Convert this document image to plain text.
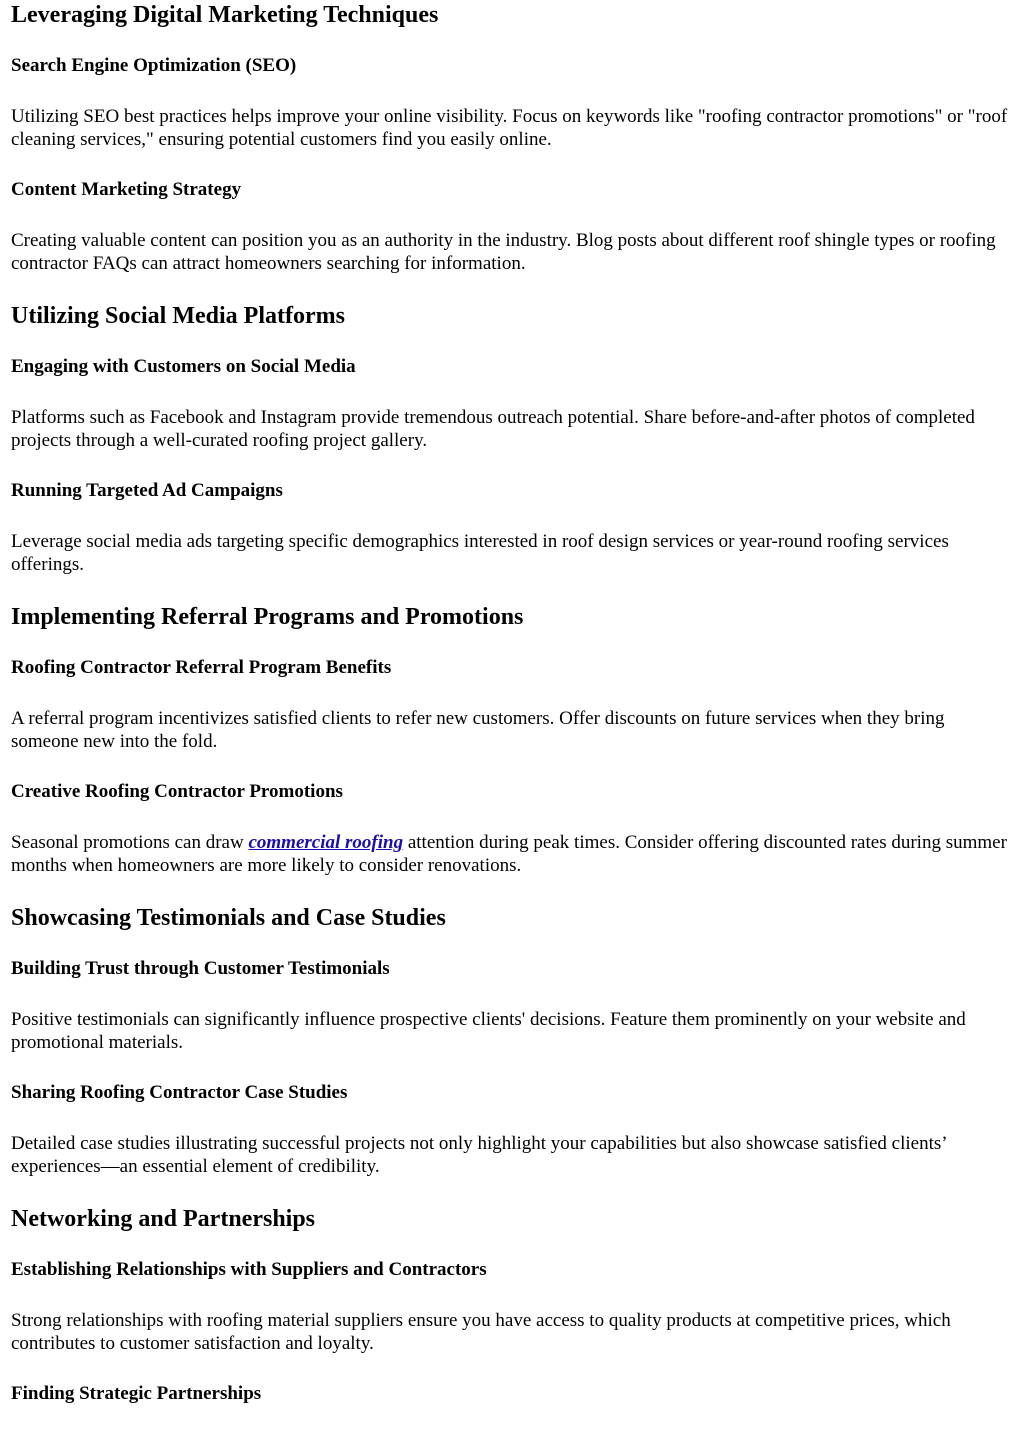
Leveraging Digital Marketing Techniques
Search Engine Optimization (SEO)

Utilizing SEO best practices helps improve your online visibility. Focus on keywords like "roofing contractor promotions" or "roof cleaning services," ensuring potential customers find you easily online.

Content Marketing Strategy

Creating valuable content can position you as an authority in the industry. Blog posts about different roof shingle types or roofing contractor FAQs can attract homeowners searching for information.

Utilizing Social Media Platforms
Engaging with Customers on Social Media

Platforms such as Facebook and Instagram provide tremendous outreach potential. Share before-and-after photos of completed projects through a well-curated roofing project gallery.

Running Targeted Ad Campaigns

Leverage social media ads targeting specific demographics interested in roof design services or year-round roofing services offerings.

Implementing Referral Programs and Promotions
Roofing Contractor Referral Program Benefits

A referral program incentivizes satisfied clients to refer new customers. Offer discounts on future services when they bring someone new into the fold.

Creative Roofing Contractor Promotions

Seasonal promotions can draw commercial roofing attention during peak times. Consider offering discounted rates during summer months when homeowners are more likely to consider renovations.

Showcasing Testimonials and Case Studies
Building Trust through Customer Testimonials

Positive testimonials can significantly influence prospective clients' decisions. Feature them prominently on your website and promotional materials.

Sharing Roofing Contractor Case Studies

Detailed case studies illustrating successful projects not only highlight your capabilities but also showcase satisfied clients’ experiences—an essential element of credibility.

Networking and Partnerships
Establishing Relationships with Suppliers and Contractors

Strong relationships with roofing material suppliers ensure you have access to quality products at competitive prices, which contributes to customer satisfaction and loyalty.

Finding Strategic Partnerships
